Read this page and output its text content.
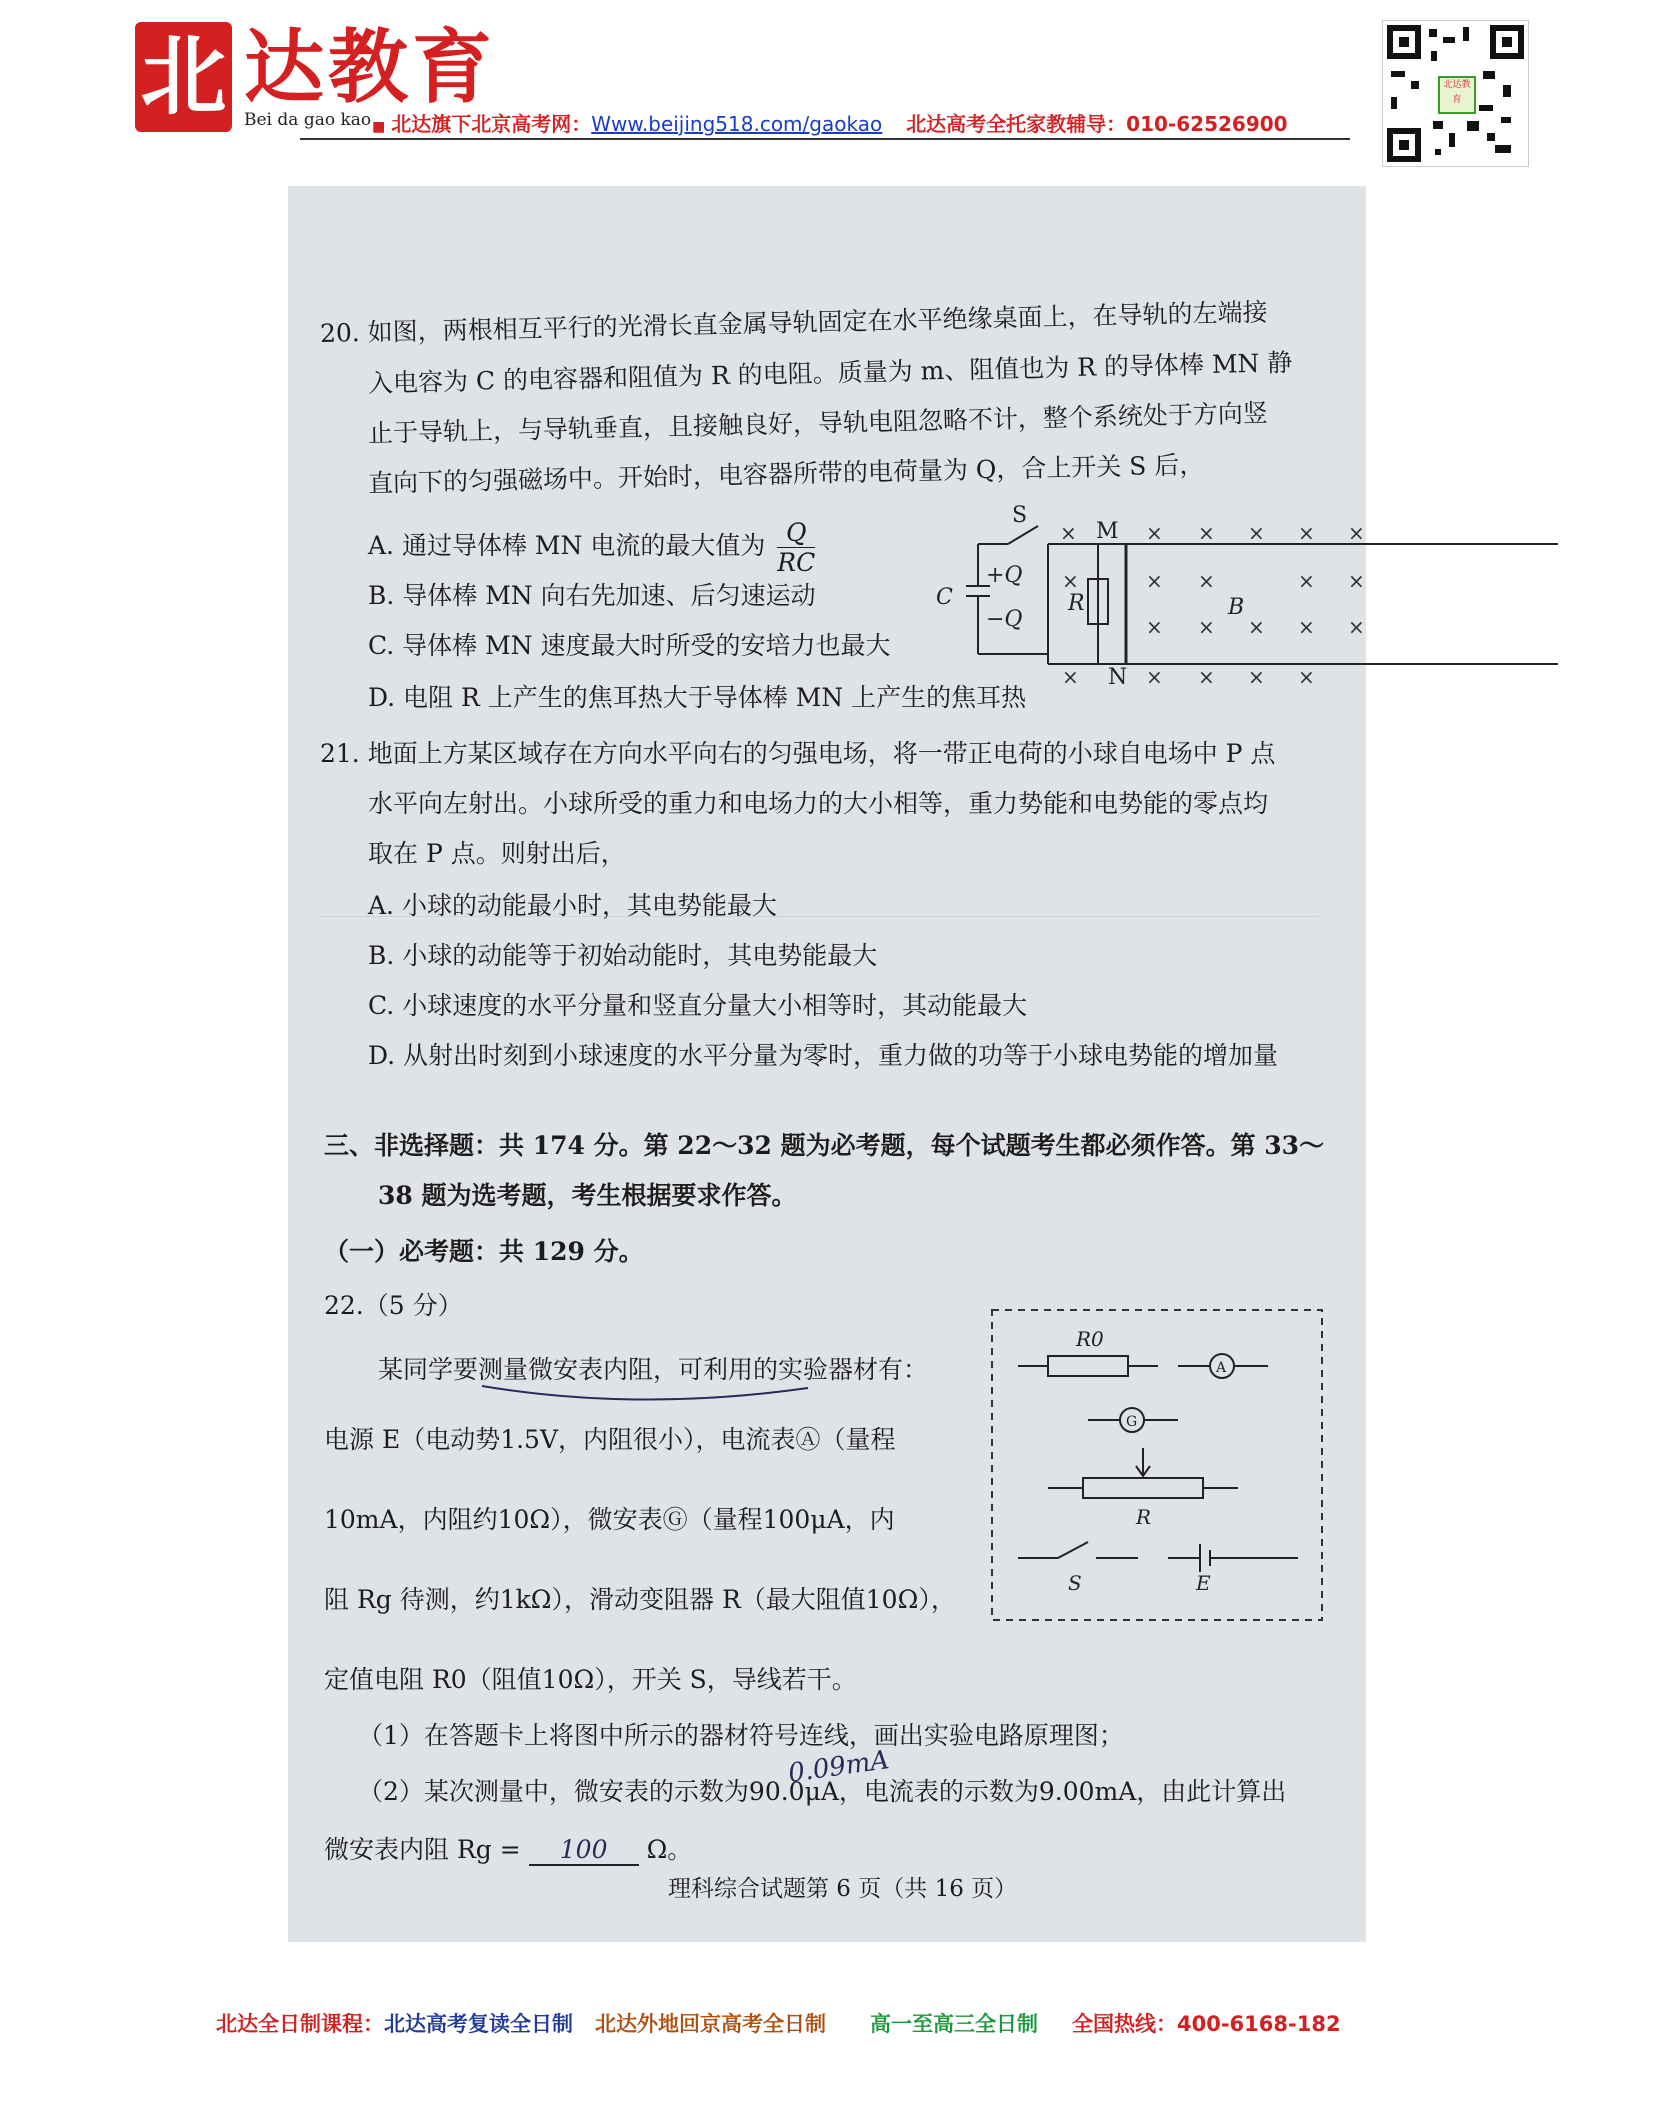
北 达教育
Bei da gao kao ■ 北达旗下北京高考网：Www.beijing518.com/gaokao 北达高考全托家教辅导：010-62526900
北达教育
20. 如图，两根相互平行的光滑长直金属导轨固定在水平绝缘桌面上，在导轨的左端接
入电容为 C 的电容器和阻值为 R 的电阻。质量为 m、阻值也为 R 的导体棒 MN 静
止于导轨上，与导轨垂直，且接触良好，导轨电阻忽略不计，整个系统处于方向竖
直向下的匀强磁场中。开始时，电容器所带的电荷量为 Q，合上开关 S 后，
A. 通过导体棒 MN 电流的最大值为 $\frac{Q}{RC}$
B. 导体棒 MN 向右先加速、后匀速运动
C. 导体棒 MN 速度最大时所受的安培力也最大
D. 电阻 R 上产生的焦耳热大于导体棒 MN 上产生的焦耳热
S
M
N
C
+Q
−Q
R	B
×	× × × × ×
×	× ×	× ×
× × × × ×
×	× × × ×
21. 地面上方某区域存在方向水平向右的匀强电场，将一带正电荷的小球自电场中 P 点
水平向左射出。小球所受的重力和电场力的大小相等，重力势能和电势能的零点均
取在 P 点。则射出后，
A. 小球的动能最小时，其电势能最大
B. 小球的动能等于初始动能时，其电势能最大
C. 小球速度的水平分量和竖直分量大小相等时，其动能最大
D. 从射出时刻到小球速度的水平分量为零时，重力做的功等于小球电势能的增加量
三、非选择题：共 174 分。第 22～32 题为必考题，每个试题考生都必须作答。第 33～
38 题为选考题，考生根据要求作答。
（一）必考题：共 129 分。
22.（5 分）
某同学要测量微安表内阻，可利用的实验器材有：
电源 E（电动势1.5V，内阻很小），电流表Ⓐ（量程
10mA，内阻约10Ω），微安表Ⓖ（量程100μA，内
阻 Rg 待测，约1kΩ），滑动变阻器 R（最大阻值10Ω），
定值电阻 R0（阻值10Ω），开关 S，导线若干。
（1）在答题卡上将图中所示的器材符号连线，画出实验电路原理图；
（2）某次测量中，微安表的示数为90.0μA，电流表的示数为9.00mA，由此计算出
0.09mA
微安表内阻 Rg = 100 Ω。
R0
A
G
R
S	E
理科综合试题第 6 页（共 16 页）
北达全日制课程：北达高考复读全日制 北达外地回京高考全日制 高一至高三全日制 全国热线：400-6168-182
